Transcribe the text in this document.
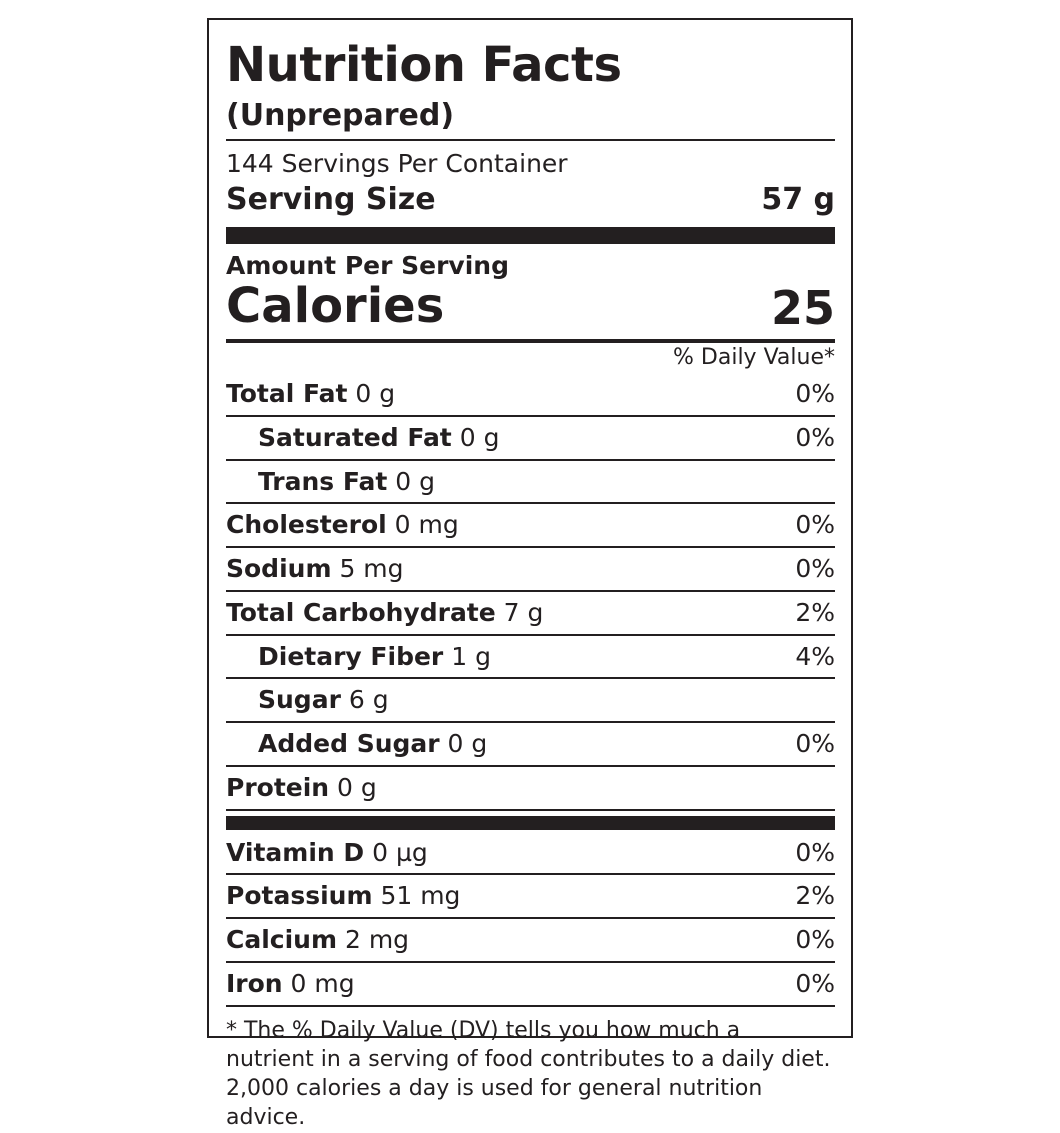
Nutrition Facts
(Unprepared)
144 Servings Per Container
Serving Size	57 g
Amount Per Serving
Calories	25
% Daily Value*
Total Fat 0 g	0%
Saturated Fat 0 g	0%
Trans Fat 0 g
Cholesterol 0 mg	0%
Sodium 5 mg	0%
Total Carbohydrate 7 g	2%
Dietary Fiber 1 g	4%
Sugar 6 g
Added Sugar 0 g	0%
Protein 0 g
Vitamin D 0 µg	0%
Potassium 51 mg	2%
Calcium 2 mg	0%
Iron 0 mg	0%
* The % Daily Value (DV) tells you how much a nutrient in a serving of food contributes to a daily diet. 2,000 calories a day is used for general nutrition advice.
